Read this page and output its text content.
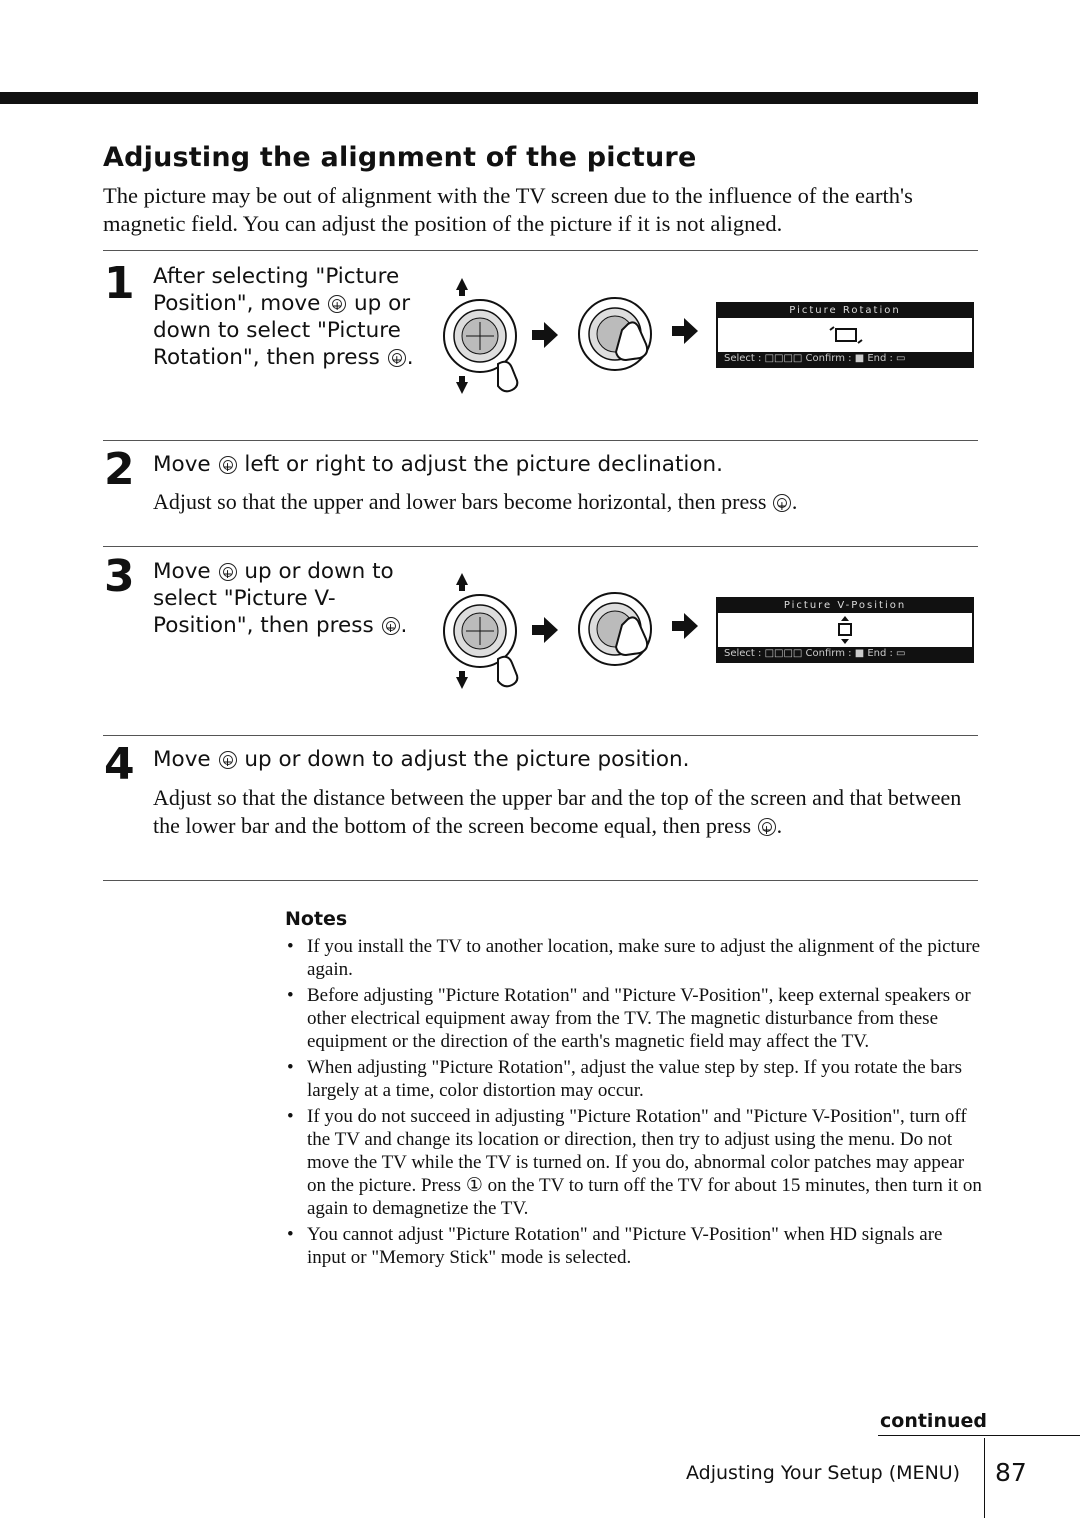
Adjusting the alignment of the picture

The picture may be out of alignment with the TV screen due to the influence of the earth's magnetic field. You can adjust the position of the picture if it is not aligned.

1 After selecting "Picture
Position", move + up or
down to select "Picture
Rotation", then press + .
Picture Rotation
Select : □□□□ Confirm : ■ End : ▭
2 Move + left or right to adjust the picture declination.
Adjust so that the upper and lower bars become horizontal, then press + .
3 Move + up or down to
select "Picture V-
Position", then press + .
Picture V-Position
Select : □□□□ Confirm : ■ End : ▭
4 Move + up or down to adjust the picture position.
Adjust so that the distance between the upper bar and the top of the screen and that between the lower bar and the bottom of the screen become equal, then press + .
Notes
• If you install the TV to another location, make sure to adjust the alignment of the picture again.
• Before adjusting "Picture Rotation" and "Picture V-Position", keep external speakers or other electrical equipment away from the TV. The magnetic disturbance from these equipment or the direction of the earth's magnetic field may affect the TV.
• When adjusting "Picture Rotation", adjust the value step by step. If you rotate the bars largely at a time, color distortion may occur.
• If you do not succeed in adjusting "Picture Rotation" and "Picture V-Position", turn off the TV and change its location or direction, then try to adjust using the menu. Do not move the TV while the TV is turned on. If you do, abnormal color patches may appear on the picture. Press ① on the TV to turn off the TV for about 15 minutes, then turn it on again to demagnetize the TV.
• You cannot adjust "Picture Rotation" and "Picture V-Position" when HD signals are input or "Memory Stick" mode is selected.
continued
Adjusting Your Setup (MENU) 87
